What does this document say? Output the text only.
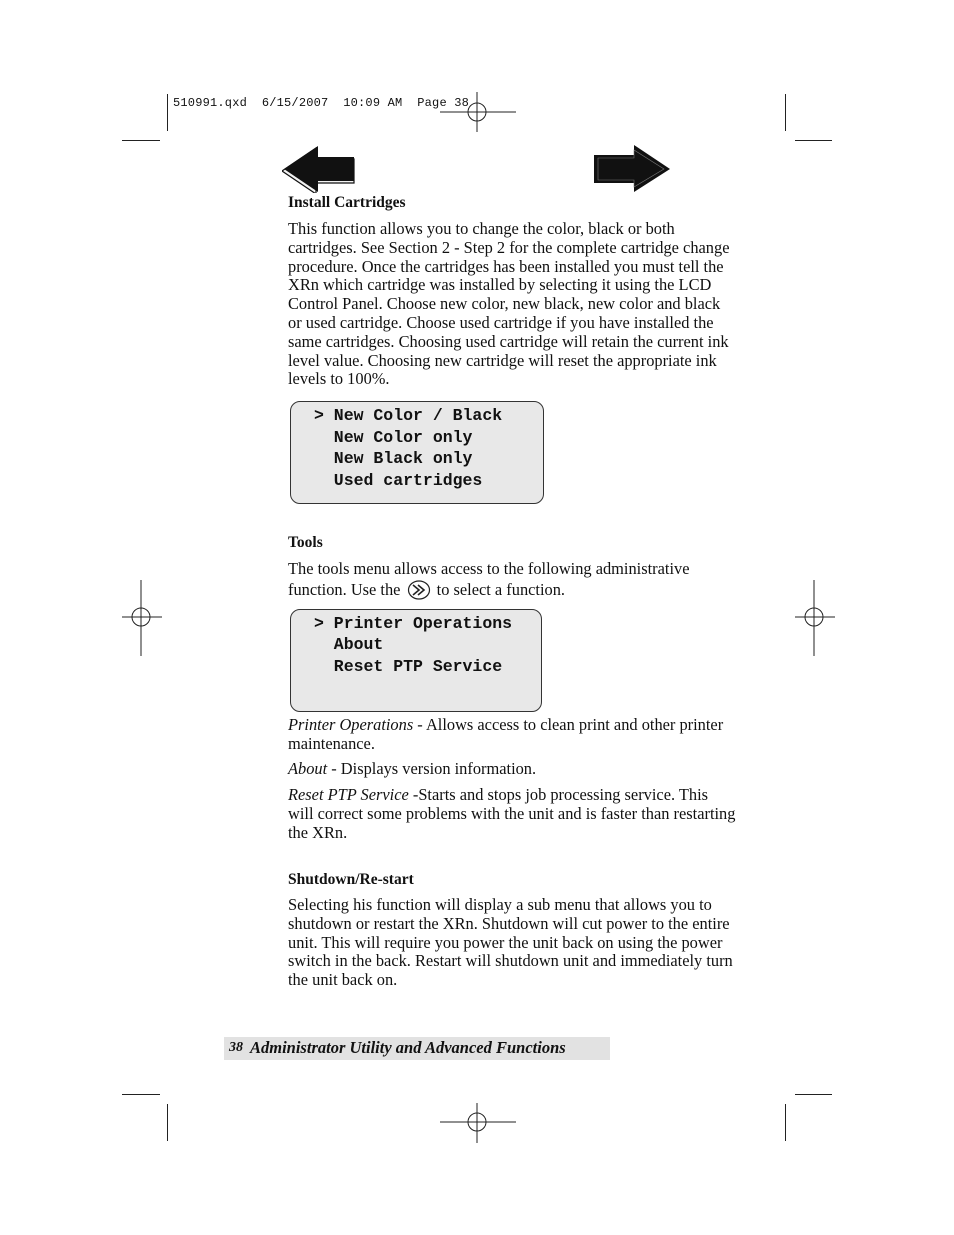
510991.qxd  6/15/2007  10:09 AM  Page 38
Install Cartridges

This function allows you to change the color, black or both cartridges. See Section 2 - Step 2 for the complete cartridge change procedure. Once the cartridges has been installed you must tell the XRn which cartridge was installed by selecting it using the LCD Control Panel. Choose new color, new black, new color and black or used cartridge. Choose used cartridge if you have installed the same cartridges. Choosing used cartridge will retain the current ink level value. Choosing new cartridge will reset the appropriate ink levels to 100%.

> New Color / Black
New Color only
New Black only
Used cartridges
Tools

The tools menu allows access to the following administrative function. Use the to select a function.

> Printer Operations
About
Reset PTP Service

Printer Operations - Allows access to clean print and other printer maintenance.

About - Displays version information.

Reset PTP Service -Starts and stops job processing service. This will correct some problems with the unit and is faster than restarting the XRn.

Shutdown/Re-start

Selecting his function will display a sub menu that allows you to shutdown or restart the XRn. Shutdown will cut power to the entire unit. This will require you power the unit back on using the power switch in the back. Restart will shutdown unit and immediately turn the unit back on.

38 Administrator Utility and Advanced Functions
